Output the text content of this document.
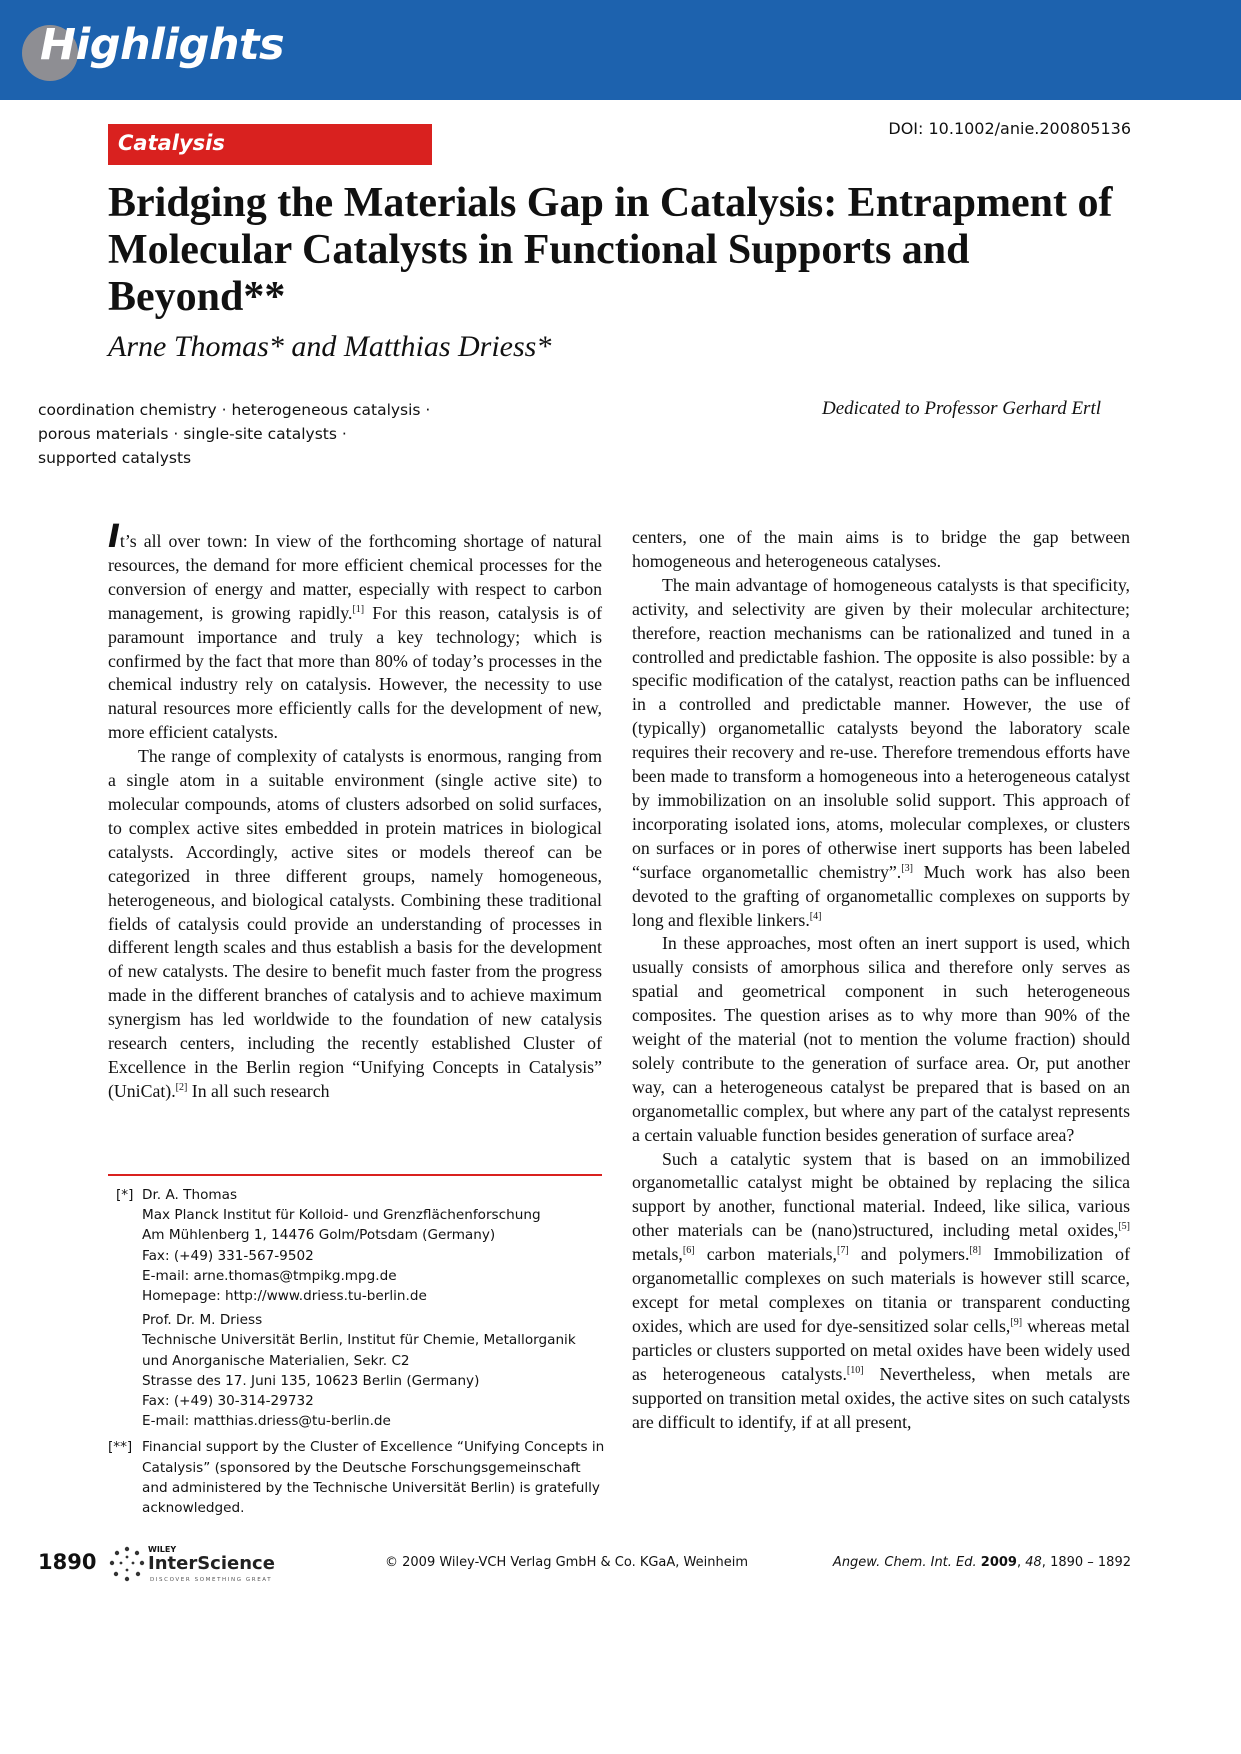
Highlights
Catalysis
DOI: 10.1002/anie.200805136
Bridging the Materials Gap in Catalysis: Entrapment of Molecular Catalysts in Functional Supports and Beyond**
Arne Thomas* and Matthias Driess*
coordination chemistry · heterogeneous catalysis ·
porous materials · single-site catalysts ·
supported catalysts
Dedicated to Professor Gerhard Ertl

It’s all over town: In view of the forthcoming shortage of natural resources, the demand for more efficient chemical processes for the conversion of energy and matter, especially with respect to carbon management, is growing rapidly.[1] For this reason, catalysis is of paramount importance and truly a key technology; which is confirmed by the fact that more than 80% of today’s processes in the chemical industry rely on catalysis. However, the necessity to use natural resources more efficiently calls for the development of new, more efficient catalysts.

The range of complexity of catalysts is enormous, ranging from a single atom in a suitable environment (single active site) to molecular compounds, atoms of clusters adsorbed on solid surfaces, to complex active sites embedded in protein matrices in biological catalysts. Accordingly, active sites or models thereof can be categorized in three different groups, namely homogeneous, heterogeneous, and biological catalysts. Combining these traditional fields of catalysis could provide an understanding of processes in different length scales and thus establish a basis for the development of new catalysts. The desire to benefit much faster from the progress made in the different branches of catalysis and to achieve maximum synergism has led worldwide to the foundation of new catalysis research centers, including the recently established Cluster of Excellence in the Berlin region “Unifying Concepts in Catalysis” (UniCat).[2] In all such research

[*] Dr. A. Thomas
Max Planck Institut für Kolloid- und Grenzflächenforschung
Am Mühlenberg 1, 14476 Golm/Potsdam (Germany)
Fax: (+49) 331-567-9502
E-mail: arne.thomas@tmpikg.mpg.de
Homepage: http://www.driess.tu-berlin.de
Prof. Dr. M. Driess
Technische Universität Berlin, Institut für Chemie, Metallorganik
und Anorganische Materialien, Sekr. C2
Strasse des 17. Juni 135, 10623 Berlin (Germany)
Fax: (+49) 30-314-29732
E-mail: matthias.driess@tu-berlin.de
[**] Financial support by the Cluster of Excellence “Unifying Concepts in
Catalysis” (sponsored by the Deutsche Forschungsgemeinschaft
and administered by the Technische Universität Berlin) is gratefully
acknowledged.

centers, one of the main aims is to bridge the gap between homogeneous and heterogeneous catalyses.

The main advantage of homogeneous catalysts is that specificity, activity, and selectivity are given by their molecular architecture; therefore, reaction mechanisms can be rationalized and tuned in a controlled and predictable fashion. The opposite is also possible: by a specific modification of the catalyst, reaction paths can be influenced in a controlled and predictable manner. However, the use of (typically) organometallic catalysts beyond the laboratory scale requires their recovery and re-use. Therefore tremendous efforts have been made to transform a homogeneous into a heterogeneous catalyst by immobilization on an insoluble solid support. This approach of incorporating isolated ions, atoms, molecular complexes, or clusters on surfaces or in pores of otherwise inert supports has been labeled “surface organometallic chemistry”.[3] Much work has also been devoted to the grafting of organometallic complexes on supports by long and flexible linkers.[4]

In these approaches, most often an inert support is used, which usually consists of amorphous silica and therefore only serves as spatial and geometrical component in such heterogeneous composites. The question arises as to why more than 90% of the weight of the material (not to mention the volume fraction) should solely contribute to the generation of surface area. Or, put another way, can a heterogeneous catalyst be prepared that is based on an organometallic complex, but where any part of the catalyst represents a certain valuable function besides generation of surface area?

Such a catalytic system that is based on an immobilized organometallic catalyst might be obtained by replacing the silica support by another, functional material. Indeed, like silica, various other materials can be (nano)structured, including metal oxides,[5] metals,[6] carbon materials,[7] and polymers.[8] Immobilization of organometallic complexes on such materials is however still scarce, except for metal complexes on titania or transparent conducting oxides, which are used for dye-sensitized solar cells,[9] whereas metal particles or clusters supported on metal oxides have been widely used as heterogeneous catalysts.[10] Nevertheless, when metals are supported on transition metal oxides, the active sites on such catalysts are difficult to identify, if at all present,

1890
WILEY
InterScience
DISCOVER SOMETHING GREAT
© 2009 Wiley-VCH Verlag GmbH & Co. KGaA, Weinheim	Angew. Chem. Int. Ed. 2009, 48, 1890 – 1892
